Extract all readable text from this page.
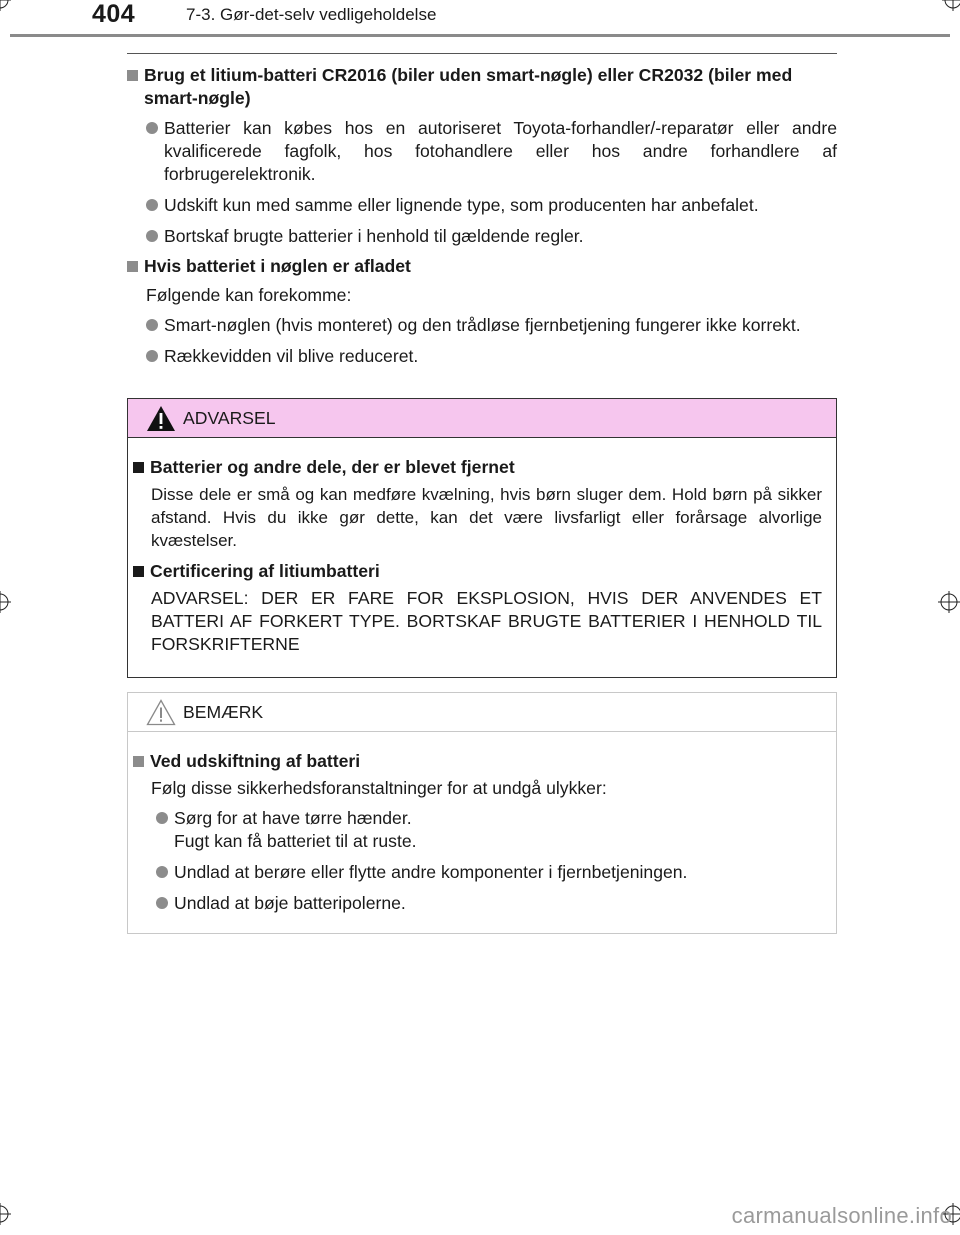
404	7-3. Gør-det-selv vedligeholdelse
Brug et litium-batteri CR2016 (biler uden smart-nøgle) eller CR2032 (biler med smart-nøgle)
Batterier kan købes hos en autoriseret Toyota-forhandler/-reparatør eller andre kvalificerede fagfolk, hos fotohandlere eller hos andre forhandlere af forbrugerelektronik.
Udskift kun med samme eller lignende type, som producenten har anbefalet.
Bortskaf brugte batterier i henhold til gældende regler.
Hvis batteriet i nøglen er afladet
Følgende kan forekomme:
Smart-nøglen (hvis monteret) og den trådløse fjernbetjening fungerer ikke korrekt.
Rækkevidden vil blive reduceret.
ADVARSEL
Batterier og andre dele, der er blevet fjernet
Disse dele er små og kan medføre kvælning, hvis børn sluger dem. Hold børn på sikker afstand. Hvis du ikke gør dette, kan det være livsfarligt eller forårsage alvorlige kvæstelser.
Certificering af litiumbatteri
ADVARSEL: DER ER FARE FOR EKSPLOSION, HVIS DER ANVENDES ET BATTERI AF FORKERT TYPE. BORTSKAF BRUGTE BATTERIER I HENHOLD TIL FORSKRIFTERNE
BEMÆRK
Ved udskiftning af batteri
Følg disse sikkerhedsforanstaltninger for at undgå ulykker:
Sørg for at have tørre hænder.
Fugt kan få batteriet til at ruste.
Undlad at berøre eller flytte andre komponenter i fjernbetjeningen.
Undlad at bøje batteripolerne.
carmanualsonline.info
